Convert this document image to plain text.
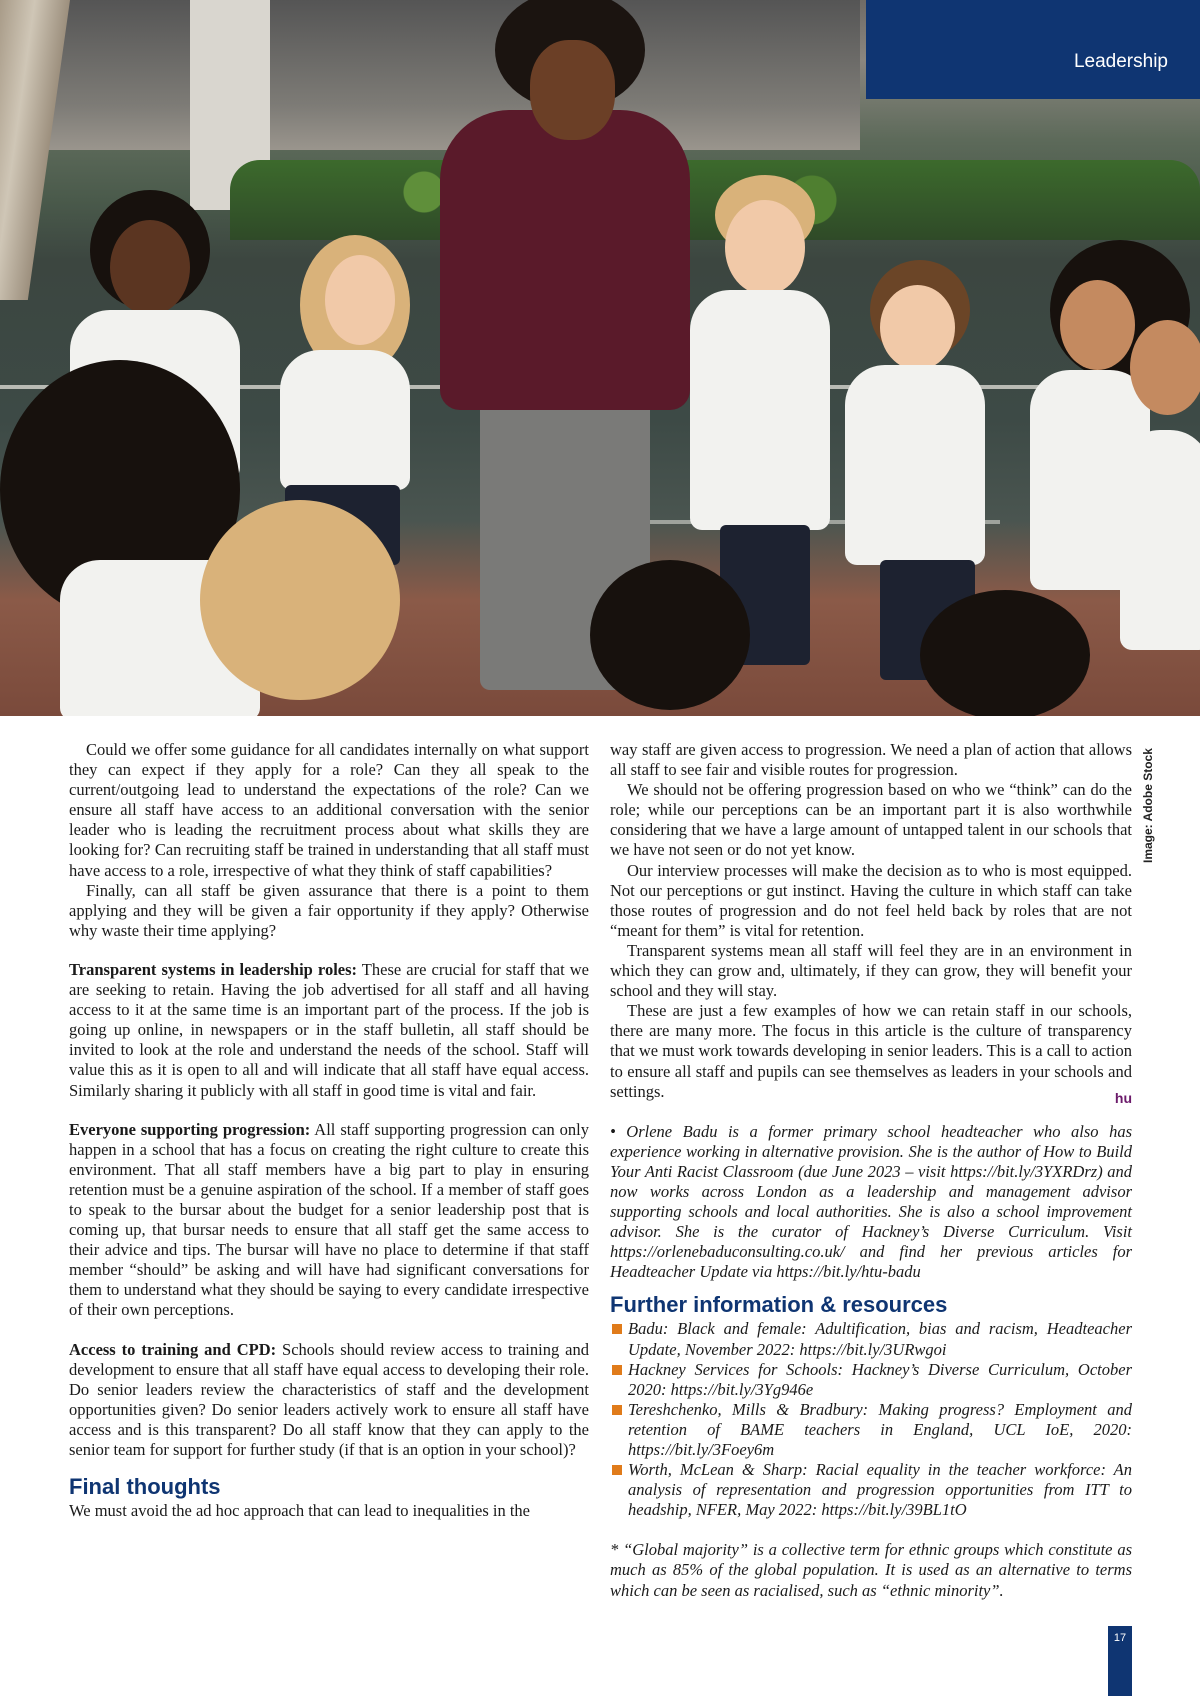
Leadership
Image: Adobe Stock

Could we offer some guidance for all candidates internally on what support they can expect if they apply for a role? Can they all speak to the current/outgoing lead to understand the expectations of the role? Can we ensure all staff have access to an additional conversation with the senior leader who is leading the recruitment process about what skills they are looking for? Can recruiting staff be trained in understanding that all staff must have access to a role, irrespective of what they think of staff capabilities?

Finally, can all staff be given assurance that there is a point to them applying and they will be given a fair opportunity if they apply? Otherwise why waste their time applying?

Transparent systems in leadership roles: These are crucial for staff that we are seeking to retain. Having the job advertised for all staff and all having access to it at the same time is an important part of the process. If the job is going up online, in newspapers or in the staff bulletin, all staff should be invited to look at the role and understand the needs of the school. Staff will value this as it is open to all and will indicate that all staff have equal access. Similarly sharing it publicly with all staff in good time is vital and fair.

Everyone supporting progression: All staff supporting progression can only happen in a school that has a focus on creating the right culture to create this environment. That all staff members have a big part to play in ensuring retention must be a genuine aspiration of the school. If a member of staff goes to speak to the bursar about the budget for a senior leadership post that is coming up, that bursar needs to ensure that all staff get the same access to their advice and tips. The bursar will have no place to determine if that staff member “should” be asking and will have had significant conversations for them to understand what they should be saying to every candidate irrespective of their own perceptions.

Access to training and CPD: Schools should review access to training and development to ensure that all staff have equal access to developing their role. Do senior leaders review the characteristics of staff and the development opportunities given? Do senior leaders actively work to ensure all staff have access and is this transparent? Do all staff know that they can apply to the senior team for support for further study (if that is an option in your school)?

Final thoughts

We must avoid the ad hoc approach that can lead to inequalities in the

way staff are given access to progression. We need a plan of action that allows all staff to see fair and visible routes for progression.

We should not be offering progression based on who we “think” can do the role; while our perceptions can be an important part it is also worthwhile considering that we have a large amount of untapped talent in our schools that we have not seen or do not yet know.

Our interview processes will make the decision as to who is most equipped. Not our perceptions or gut instinct. Having the culture in which staff can take those routes of progression and do not feel held back by roles that are not “meant for them” is vital for retention.

Transparent systems mean all staff will feel they are in an environment in which they can grow and, ultimately, if they can grow, they will benefit your school and they will stay.

These are just a few examples of how we can retain staff in our schools, there are many more. The focus in this article is the culture of transparency that we must work towards developing in senior leaders. This is a call to action to ensure all staff and pupils can see themselves as leaders in your schools and settings.	hu

• Orlene Badu is a former primary school headteacher who also has experience working in alternative provision. She is the author of How to Build Your Anti Racist Classroom (due June 2023 – visit https://bit.ly/3YXRDrz) and now works across London as a leadership and management advisor supporting schools and local authorities. She is also a school improvement advisor. She is the curator of Hackney’s Diverse Curriculum. Visit https://orlenebaduconsulting.co.uk/ and find her previous articles for Headteacher Update via https://bit.ly/htu-badu

Further information & resources
Badu: Black and female: Adultification, bias and racism, Headteacher Update, November 2022: https://bit.ly/3URwgoi
Hackney Services for Schools: Hackney’s Diverse Curriculum, October 2020: https://bit.ly/3Yg946e
Tereshchenko, Mills & Bradbury: Making progress? Employment and retention of BAME teachers in England, UCL IoE, 2020: https://bit.ly/3Foey6m
Worth, McLean & Sharp: Racial equality in the teacher workforce: An analysis of representation and progression opportunities from ITT to headship, NFER, May 2022: https://bit.ly/39BL1tO

* “Global majority” is a collective term for ethnic groups which constitute as much as 85% of the global population. It is used as an alternative to terms which can be seen as racialised, such as “ethnic minority”.

17
